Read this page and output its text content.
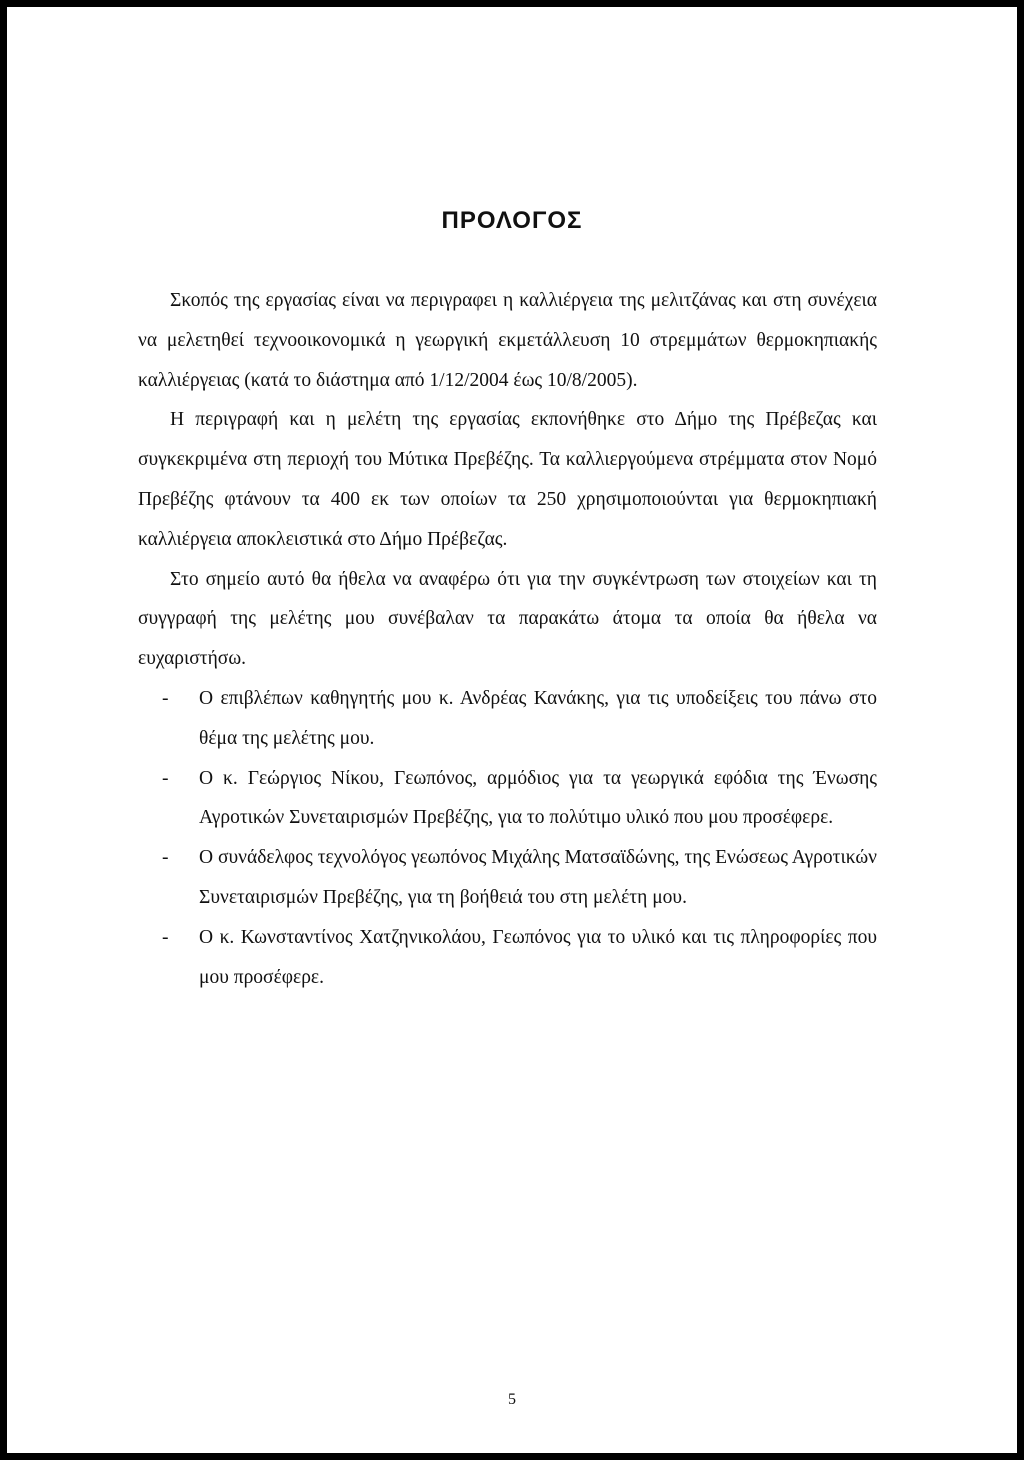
ΠΡΟΛΟΓΟΣ

Σκοπός της εργασίας είναι να περιγραφει η καλλιέργεια της μελιτζάνας και στη συνέχεια να μελετηθεί τεχνοοικονομικά η γεωργική εκμετάλλευση 10 στρεμμάτων θερμοκηπιακής καλλιέργειας (κατά το διάστημα από 1/12/2004 έως 10/8/2005).

Η περιγραφή και η μελέτη της εργασίας εκπονήθηκε στο Δήμο της Πρέβεζας και συγκεκριμένα στη περιοχή του Μύτικα Πρεβέζης. Τα καλλιεργούμενα στρέμματα στον Νομό Πρεβέζης φτάνουν τα 400 εκ των οποίων τα 250 χρησιμοποιούνται για θερμοκηπιακή καλλιέργεια αποκλειστικά στο Δήμο Πρέβεζας.

Στο σημείο αυτό θα ήθελα να αναφέρω ότι για την συγκέντρωση των στοιχείων και τη συγγραφή της μελέτης μου συνέβαλαν τα παρακάτω άτομα τα οποία θα ήθελα να ευχαριστήσω.

- Ο επιβλέπων καθηγητής μου κ. Ανδρέας Κανάκης, για τις υποδείξεις του πάνω στο θέμα της μελέτης μου.
- Ο κ. Γεώργιος Νίκου, Γεωπόνος, αρμόδιος για τα γεωργικά εφόδια της Ένωσης Αγροτικών Συνεταιρισμών Πρεβέζης, για το πολύτιμο υλικό που μου προσέφερε.
- Ο συνάδελφος τεχνολόγος γεωπόνος Μιχάλης Ματσαϊδώνης, της Ενώσεως Αγροτικών Συνεταιρισμών Πρεβέζης, για τη βοήθειά του στη μελέτη μου.
- Ο κ. Κωνσταντίνος Χατζηνικολάου, Γεωπόνος για το υλικό και τις πληροφορίες που μου προσέφερε.
5
